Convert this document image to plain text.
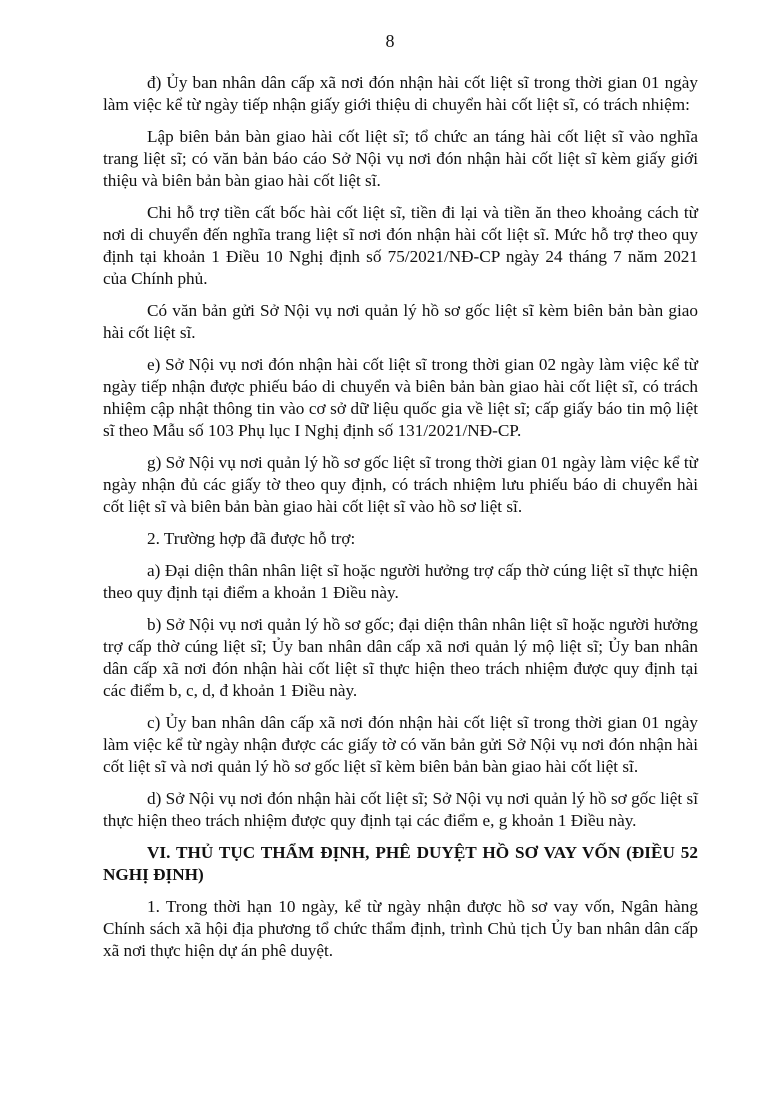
8

đ) Ủy ban nhân dân cấp xã nơi đón nhận hài cốt liệt sĩ trong thời gian 01 ngày làm việc kể từ ngày tiếp nhận giấy giới thiệu di chuyển hài cốt liệt sĩ, có trách nhiệm:

Lập biên bản bàn giao hài cốt liệt sĩ; tổ chức an táng hài cốt liệt sĩ vào nghĩa trang liệt sĩ; có văn bản báo cáo Sở Nội vụ nơi đón nhận hài cốt liệt sĩ kèm giấy giới thiệu và biên bản bàn giao hài cốt liệt sĩ.

Chi hỗ trợ tiền cất bốc hài cốt liệt sĩ, tiền đi lại và tiền ăn theo khoảng cách từ nơi di chuyển đến nghĩa trang liệt sĩ nơi đón nhận hài cốt liệt sĩ. Mức hỗ trợ theo quy định tại khoản 1 Điều 10 Nghị định số 75/2021/NĐ-CP ngày 24 tháng 7 năm 2021 của Chính phủ.

Có văn bản gửi Sở Nội vụ nơi quản lý hồ sơ gốc liệt sĩ kèm biên bản bàn giao hài cốt liệt sĩ.

e) Sở Nội vụ nơi đón nhận hài cốt liệt sĩ trong thời gian 02 ngày làm việc kể từ ngày tiếp nhận được phiếu báo di chuyển và biên bản bàn giao hài cốt liệt sĩ, có trách nhiệm cập nhật thông tin vào cơ sở dữ liệu quốc gia về liệt sĩ; cấp giấy báo tin mộ liệt sĩ theo Mẫu số 103 Phụ lục I Nghị định số 131/2021/NĐ-CP.

g) Sở Nội vụ nơi quản lý hồ sơ gốc liệt sĩ trong thời gian 01 ngày làm việc kể từ ngày nhận đủ các giấy tờ theo quy định, có trách nhiệm lưu phiếu báo di chuyển hài cốt liệt sĩ và biên bản bàn giao hài cốt liệt sĩ vào hồ sơ liệt sĩ.

2. Trường hợp đã được hỗ trợ:

a) Đại diện thân nhân liệt sĩ hoặc người hưởng trợ cấp thờ cúng liệt sĩ thực hiện theo quy định tại điểm a khoản 1 Điều này.

b) Sở Nội vụ nơi quản lý hồ sơ gốc; đại diện thân nhân liệt sĩ hoặc người hưởng trợ cấp thờ cúng liệt sĩ; Ủy ban nhân dân cấp xã nơi quản lý mộ liệt sĩ; Ủy ban nhân dân cấp xã nơi đón nhận hài cốt liệt sĩ thực hiện theo trách nhiệm được quy định tại các điểm b, c, d, đ khoản 1 Điều này.

c) Ủy ban nhân dân cấp xã nơi đón nhận hài cốt liệt sĩ trong thời gian 01 ngày làm việc kể từ ngày nhận được các giấy tờ có văn bản gửi Sở Nội vụ nơi đón nhận hài cốt liệt sĩ và nơi quản lý hồ sơ gốc liệt sĩ kèm biên bản bàn giao hài cốt liệt sĩ.

d) Sở Nội vụ nơi đón nhận hài cốt liệt sĩ; Sở Nội vụ nơi quản lý hồ sơ gốc liệt sĩ thực hiện theo trách nhiệm được quy định tại các điểm e, g khoản 1 Điều này.

VI. THỦ TỤC THẨM ĐỊNH, PHÊ DUYỆT HỒ SƠ VAY VỐN (ĐIỀU 52 NGHỊ ĐỊNH)

1. Trong thời hạn 10 ngày, kể từ ngày nhận được hồ sơ vay vốn, Ngân hàng Chính sách xã hội địa phương tổ chức thẩm định, trình Chủ tịch Ủy ban nhân dân cấp xã nơi thực hiện dự án phê duyệt.
